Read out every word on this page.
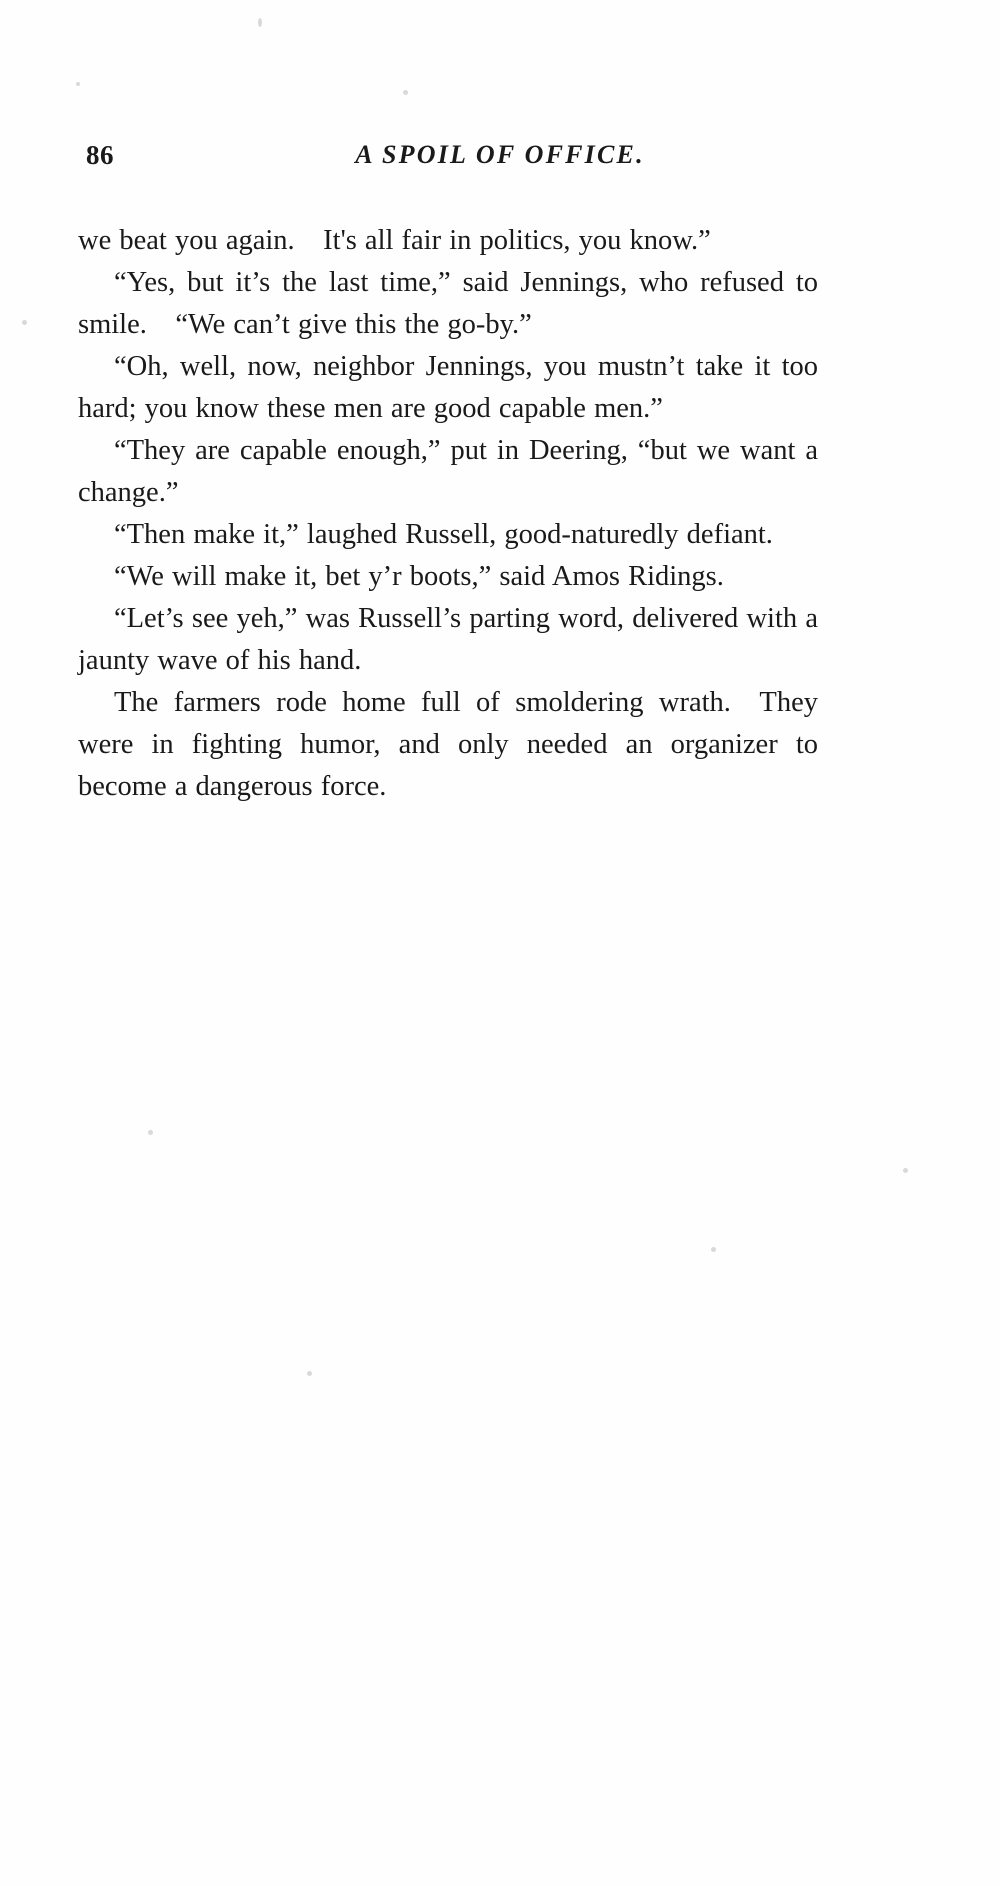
86	A SPOIL OF OFFICE.

we beat you again. It's all fair in politics, you know.”

“Yes, but it’s the last time,” said Jennings, who refused to smile. “We can’t give this the go-by.”

“Oh, well, now, neighbor Jennings, you mustn’t take it too hard; you know these men are good capable men.”

“They are capable enough,” put in Deering, “but we want a change.”

“Then make it,” laughed Russell, good-naturedly defiant.

“We will make it, bet y’r boots,” said Amos Ridings.

“Let’s see yeh,” was Russell’s parting word, delivered with a jaunty wave of his hand.

The farmers rode home full of smoldering wrath. They were in fighting humor, and only needed an organizer to become a dangerous force.
